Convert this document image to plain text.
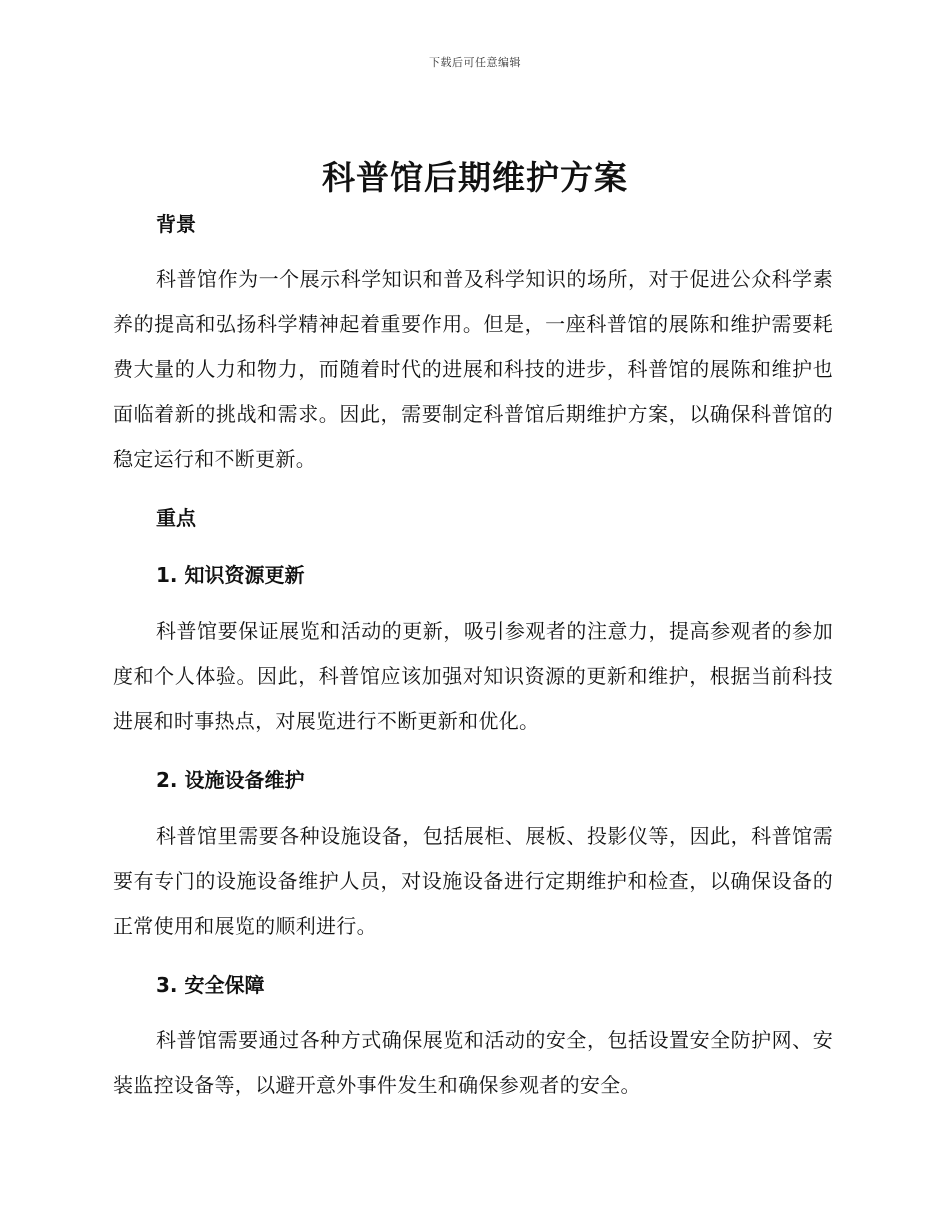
下载后可任意编辑
科普馆后期维护方案
背景
科普馆作为一个展示科学知识和普及科学知识的场所，对于促进公众科学素养的提高和弘扬科学精神起着重要作用。但是，一座科普馆的展陈和维护需要耗费大量的人力和物力，而随着时代的进展和科技的进步，科普馆的展陈和维护也面临着新的挑战和需求。因此，需要制定科普馆后期维护方案，以确保科普馆的稳定运行和不断更新。
重点
1. 知识资源更新
科普馆要保证展览和活动的更新，吸引参观者的注意力，提高参观者的参加度和个人体验。因此，科普馆应该加强对知识资源的更新和维护，根据当前科技进展和时事热点，对展览进行不断更新和优化。
2. 设施设备维护
科普馆里需要各种设施设备，包括展柜、展板、投影仪等，因此，科普馆需要有专门的设施设备维护人员，对设施设备进行定期维护和检查，以确保设备的正常使用和展览的顺利进行。
3. 安全保障
科普馆需要通过各种方式确保展览和活动的安全，包括设置安全防护网、安装监控设备等，以避开意外事件发生和确保参观者的安全。
